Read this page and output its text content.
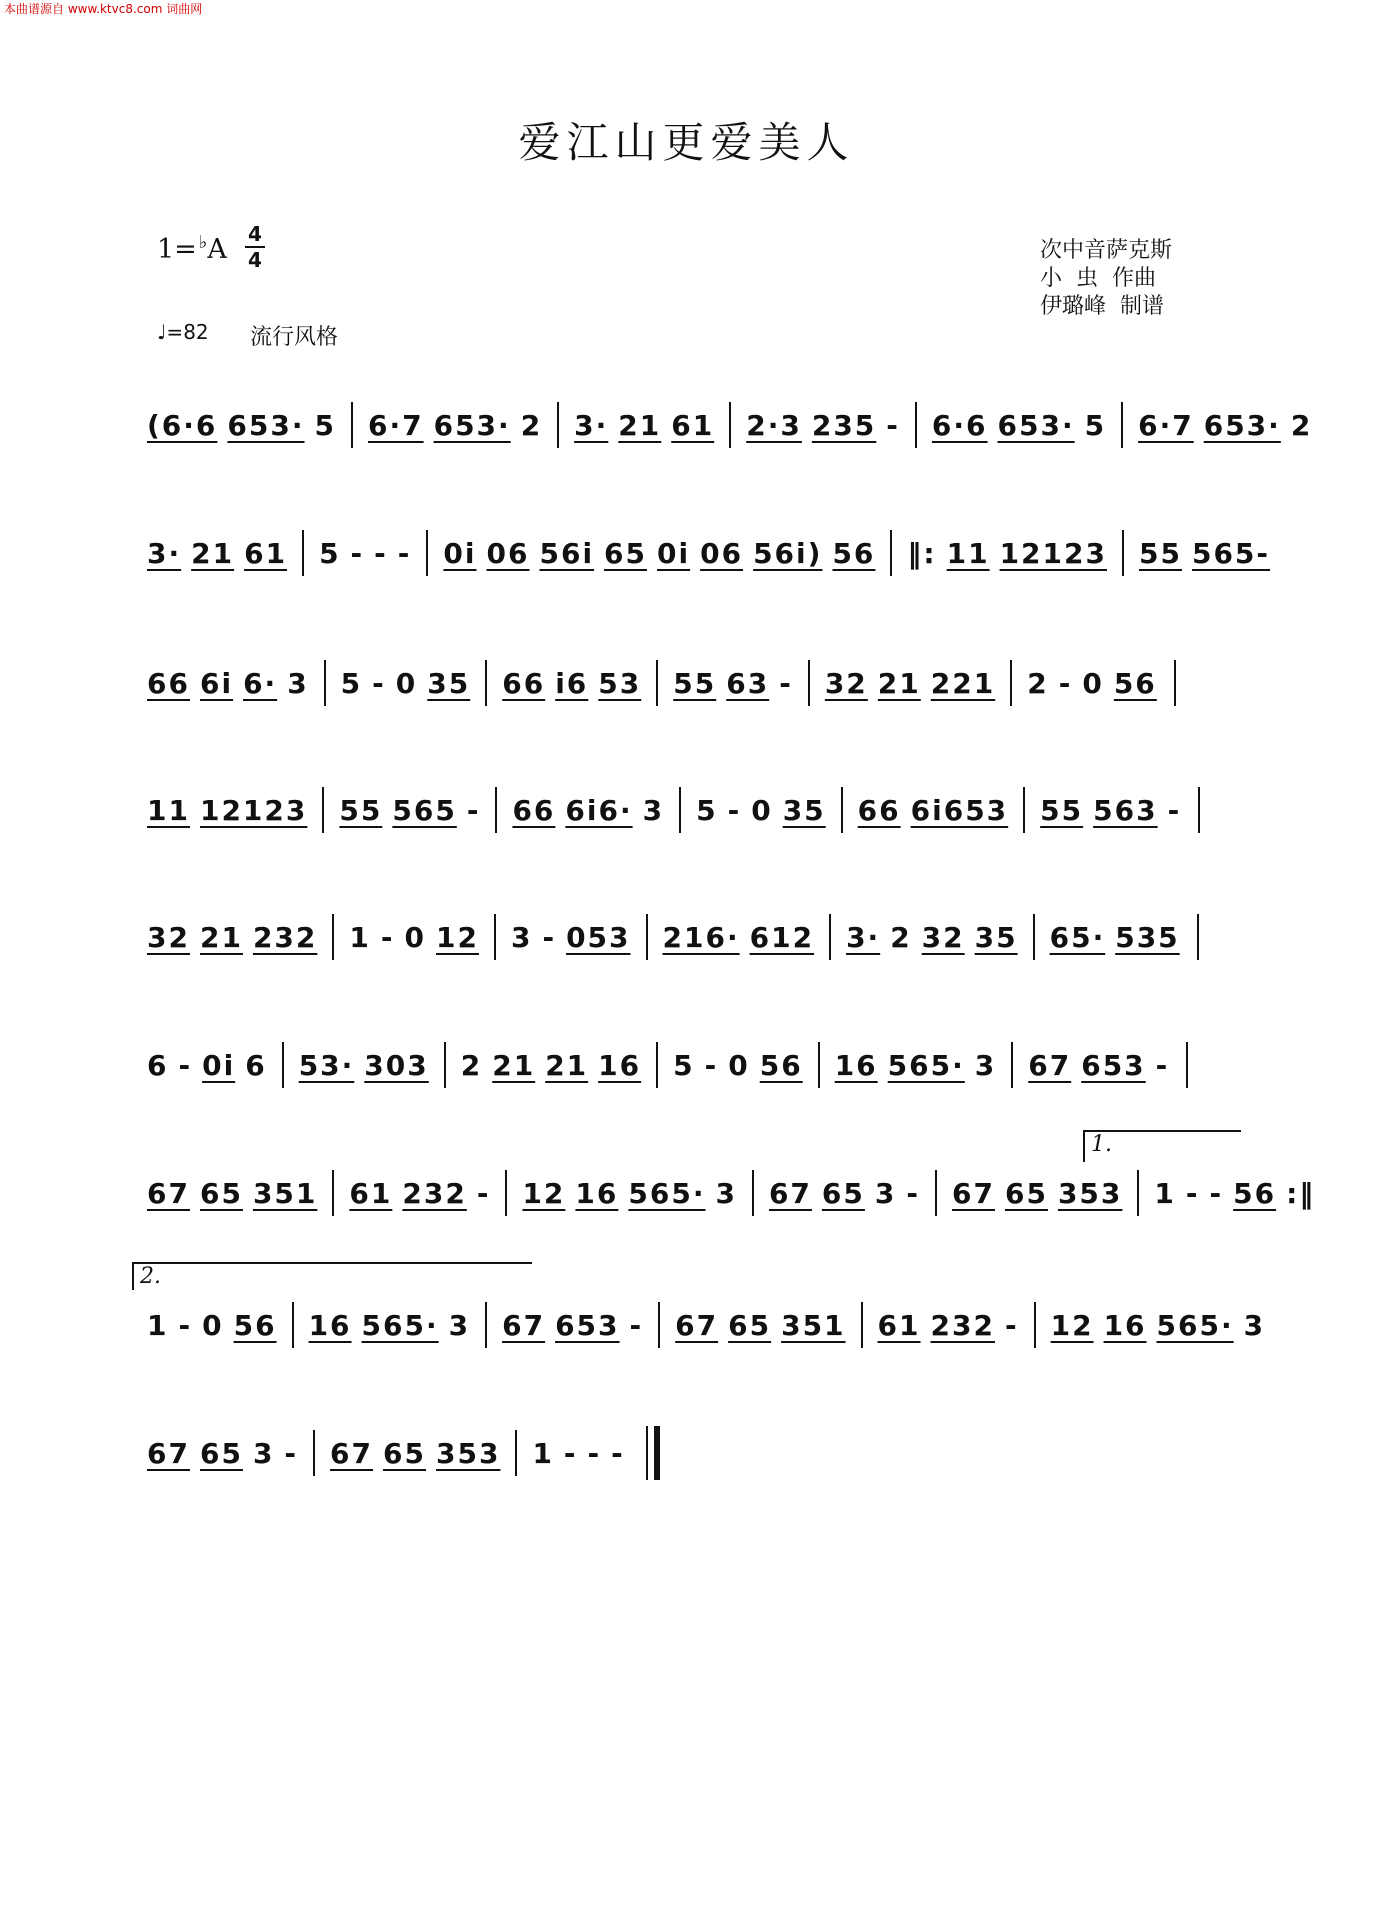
本曲谱源自 www.ktvc8.com 词曲网
爱江山更爱美人
1= ♭A 4
4
♩=82 流行风格
次中音萨克斯
小  虫  作曲
伊璐峰  制谱
1.
2.
(6·6 653· 5 6·7 653· 2 3· 21 61 2·3 235 - 6·6 653· 5 6·7 653· 2
3· 21 61 5 - - - 0i 06 56i 65 0i 06 56i) 56 ‖: 11 12123 55 565-
66 6i 6· 3 5 - 0 35 66 i6 53 55 63 - 32 21 221 2 - 0 56
11 12123 55 565 - 66 6i6· 3 5 - 0 35 66 6i653 55 563 -
32 21 232 1 - 0 12 3 - 053 216· 612 3· 2 32 35 65· 535
6 - 0i 6 53· 303 2 21 21 16 5 - 0 56 16 565· 3 67 653 -
67 65 351 61 232 - 12 16 565· 3 67 65 3 - 67 65 353 1 - - 56 :‖
1 - 0 56 16 565· 3 67 653 - 67 65 351 61 232 - 12 16 565· 3
67 65 3 - 67 65 353 1 - - -
